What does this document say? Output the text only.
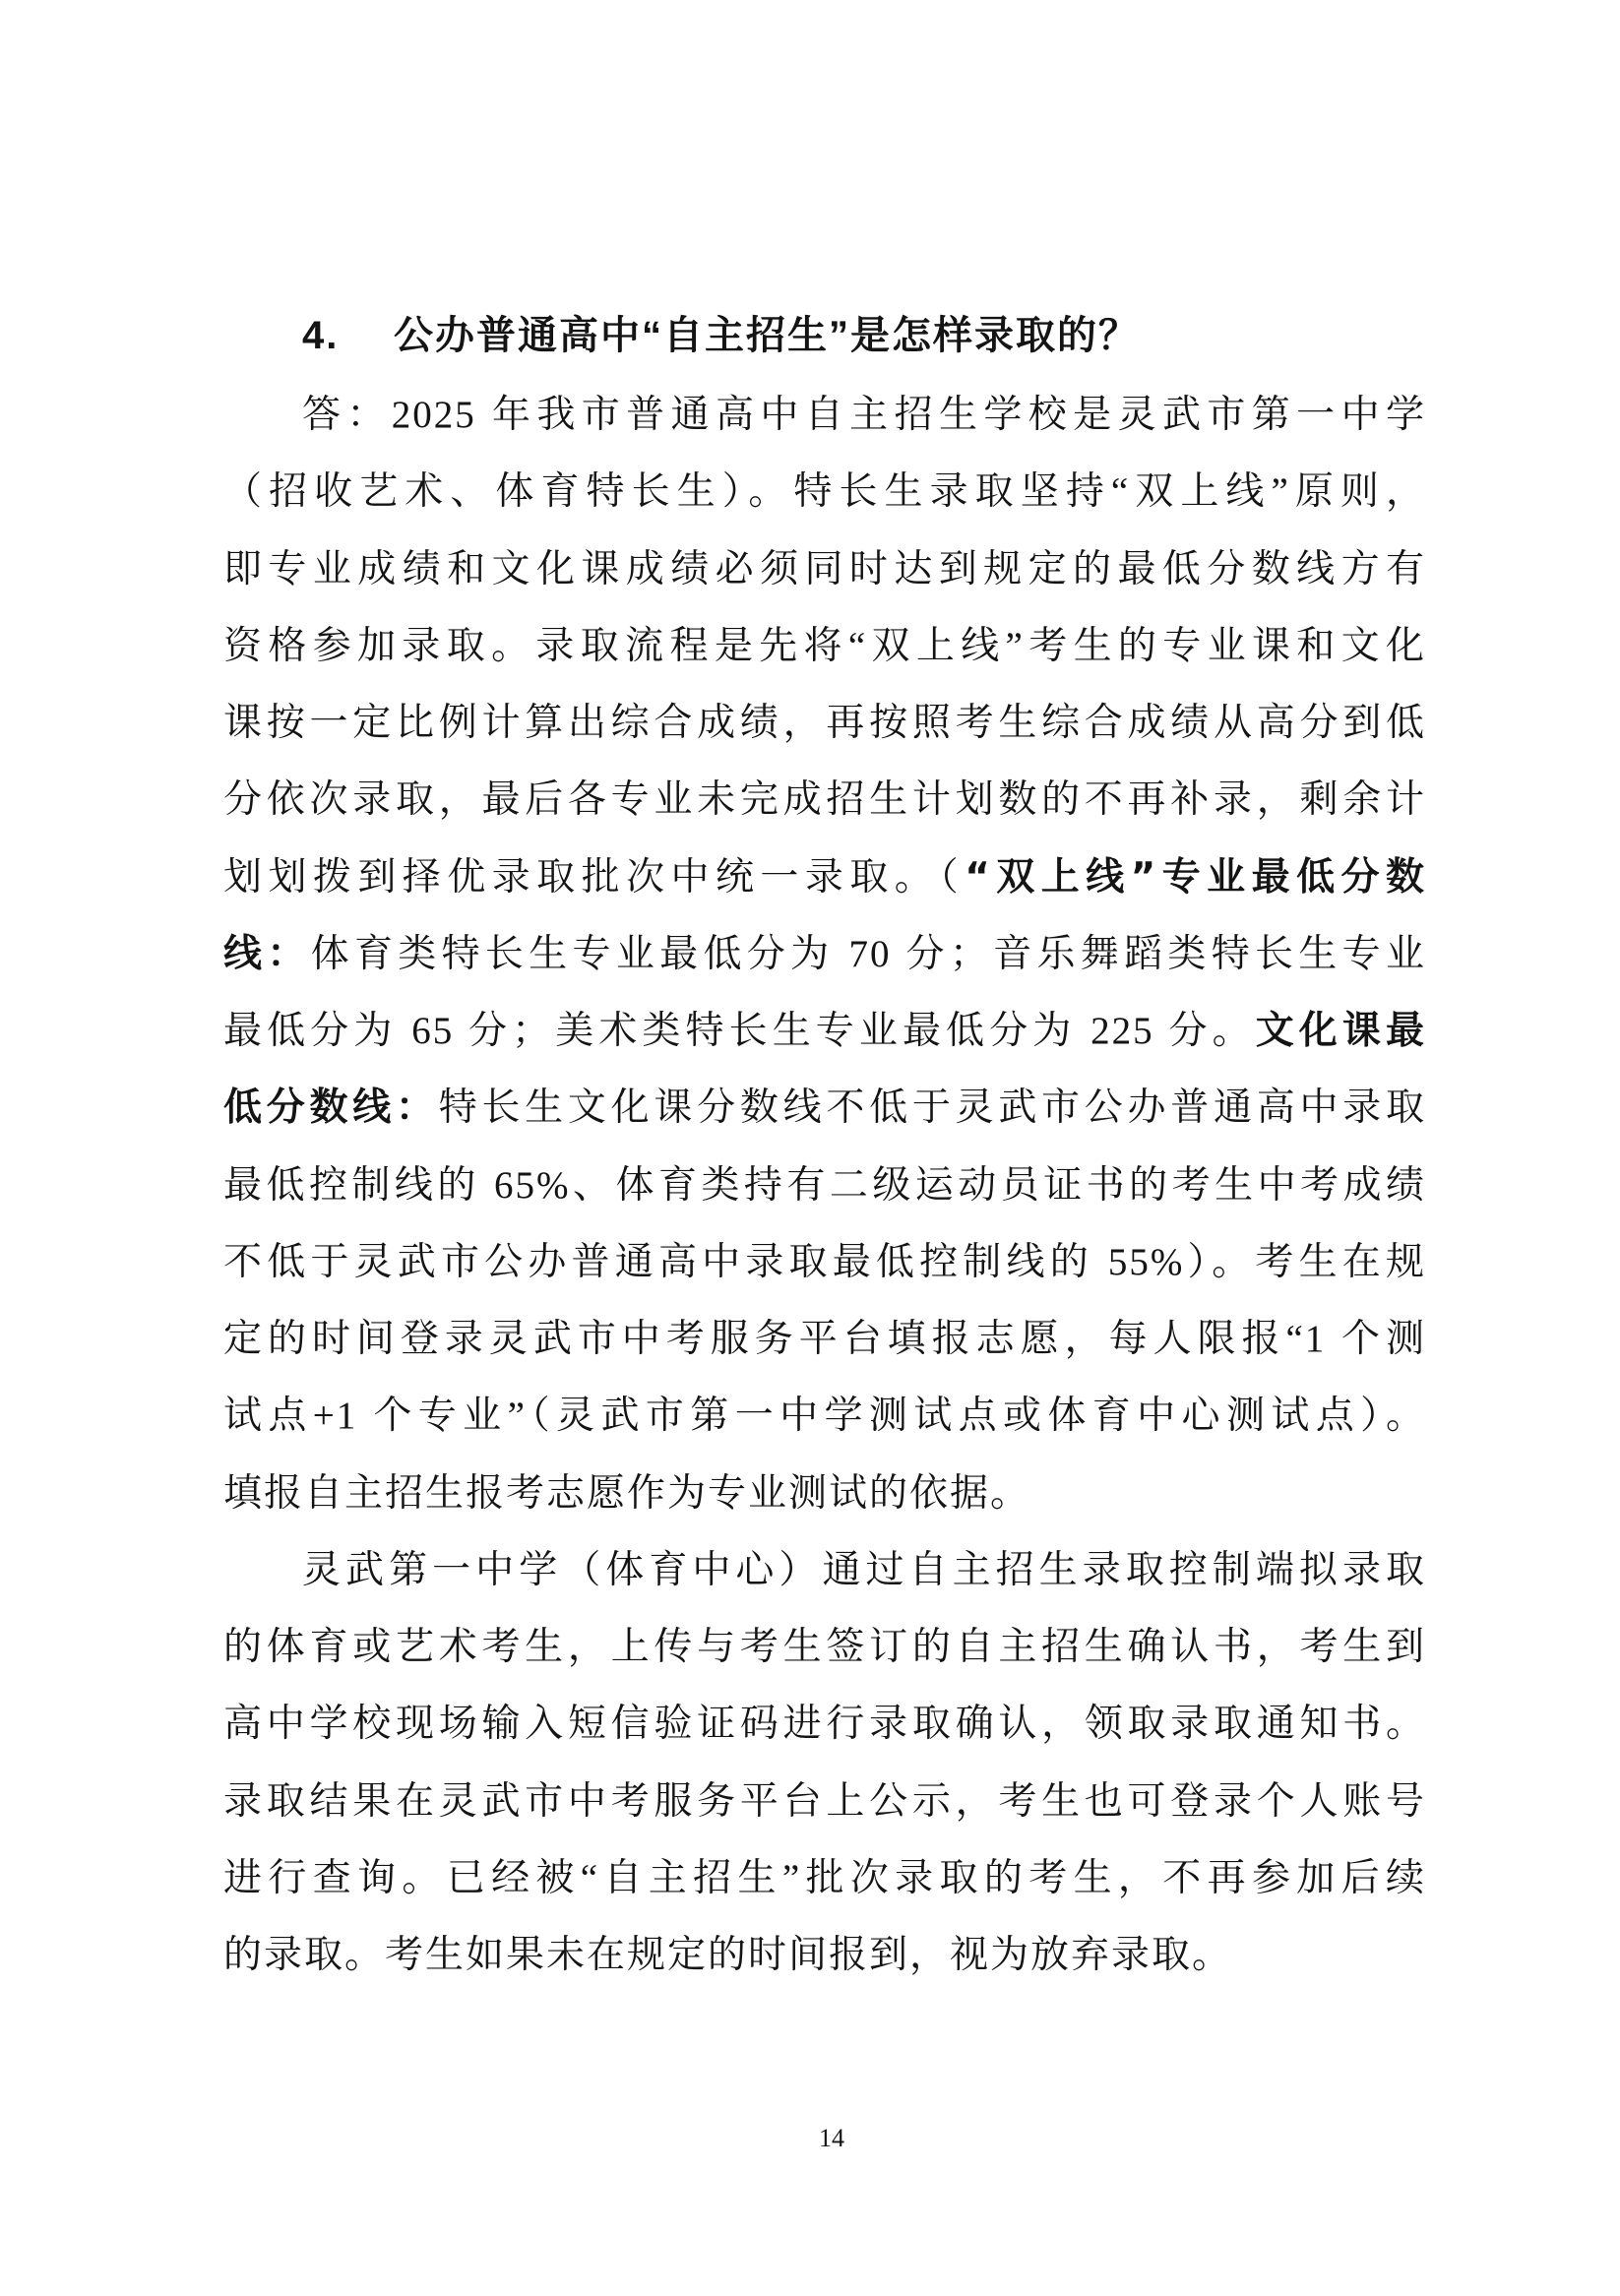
4. 公办普通高中“自主招生”是怎样录取的？
答：2025 年我市普通高中自主招生学校是灵武市第一中学
（招收艺术、体育特长生）。特长生录取坚持“双上线”原则，
即专业成绩和文化课成绩必须同时达到规定的最低分数线方有
资格参加录取。录取流程是先将“双上线”考生的专业课和文化
课按一定比例计算出综合成绩，再按照考生综合成绩从高分到低
分依次录取，最后各专业未完成招生计划数的不再补录，剩余计
划划拨到择优录取批次中统一录取。（“双上线”专业最低分数
线：体育类特长生专业最低分为 70 分；音乐舞蹈类特长生专业
最低分为 65 分；美术类特长生专业最低分为 225 分。文化课最
低分数线：特长生文化课分数线不低于灵武市公办普通高中录取
最低控制线的 65%、体育类持有二级运动员证书的考生中考成绩
不低于灵武市公办普通高中录取最低控制线的 55%）。考生在规
定的时间登录灵武市中考服务平台填报志愿，每人限报“1 个测
试点+1 个专业”（灵武市第一中学测试点或体育中心测试点）。
填报自主招生报考志愿作为专业测试的依据。
灵武第一中学（体育中心）通过自主招生录取控制端拟录取
的体育或艺术考生，上传与考生签订的自主招生确认书，考生到
高中学校现场输入短信验证码进行录取确认，领取录取通知书。
录取结果在灵武市中考服务平台上公示，考生也可登录个人账号
进行查询。已经被“自主招生”批次录取的考生，不再参加后续
的录取。考生如果未在规定的时间报到，视为放弃录取。
14
